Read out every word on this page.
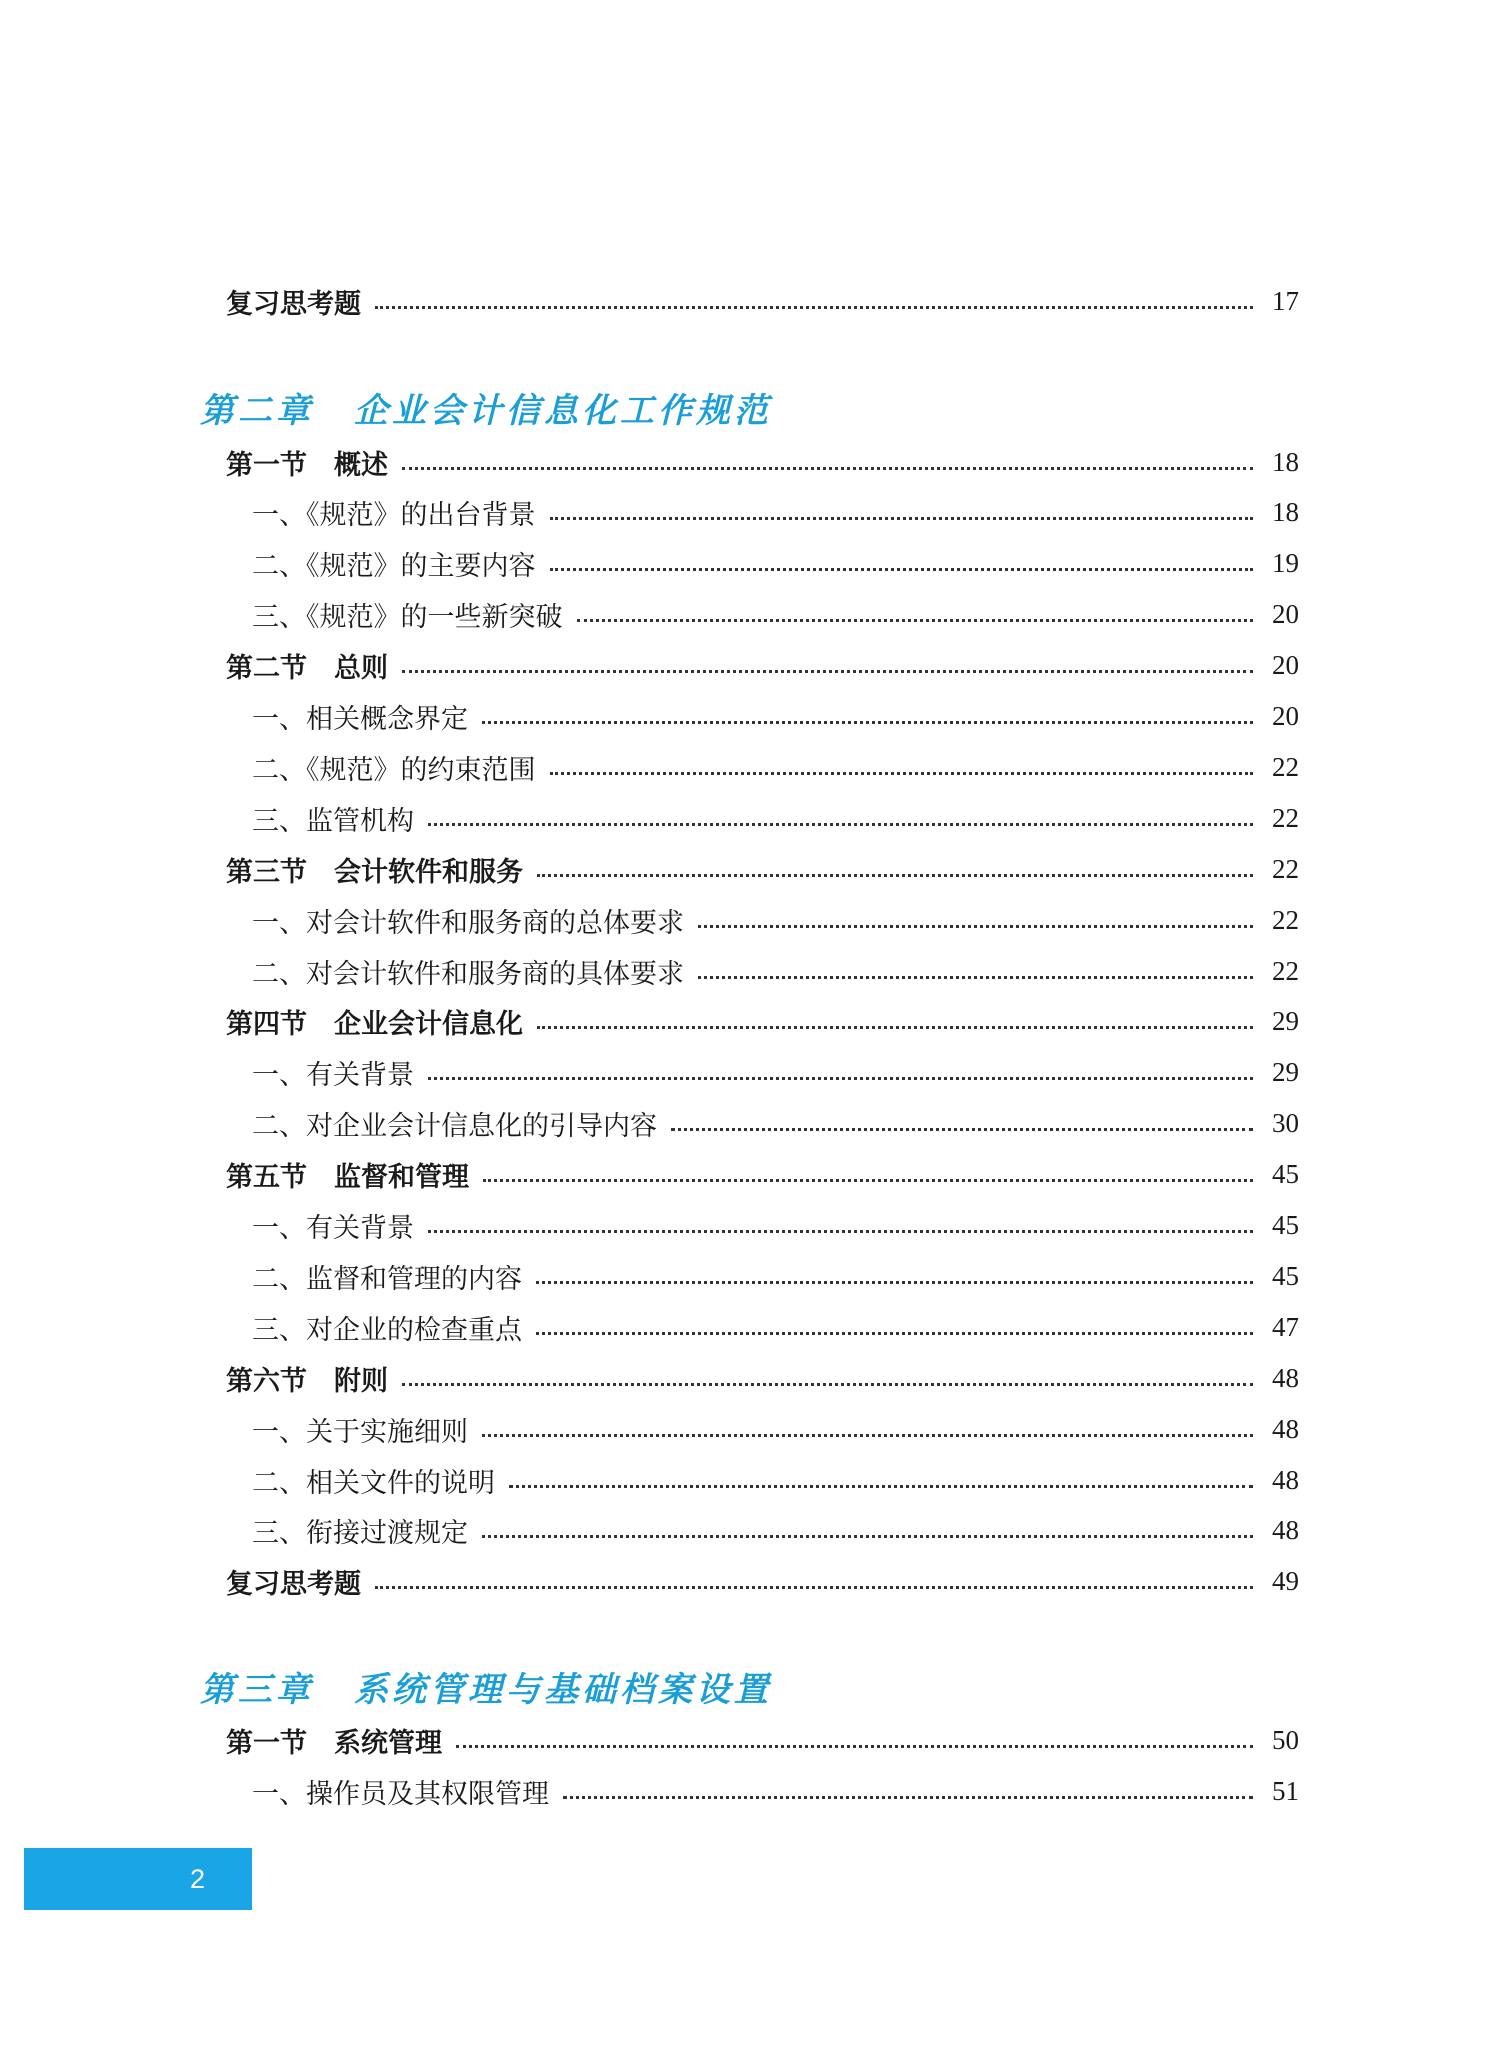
复习思考题	17
第二章 企业会计信息化工作规范
第一节　概述	18
一、《规范》的出台背景	18
二、《规范》的主要内容	19
三、《规范》的一些新突破	20
第二节　总则	20
一、相关概念界定	20
二、《规范》的约束范围	22
三、监管机构	22
第三节　会计软件和服务	22
一、对会计软件和服务商的总体要求	22
二、对会计软件和服务商的具体要求	22
第四节　企业会计信息化	29
一、有关背景	29
二、对企业会计信息化的引导内容	30
第五节　监督和管理	45
一、有关背景	45
二、监督和管理的内容	45
三、对企业的检查重点	47
第六节　附则	48
一、关于实施细则	48
二、相关文件的说明	48
三、衔接过渡规定	48
复习思考题	49
第三章 系统管理与基础档案设置
第一节　系统管理	50
一、操作员及其权限管理	51
2
